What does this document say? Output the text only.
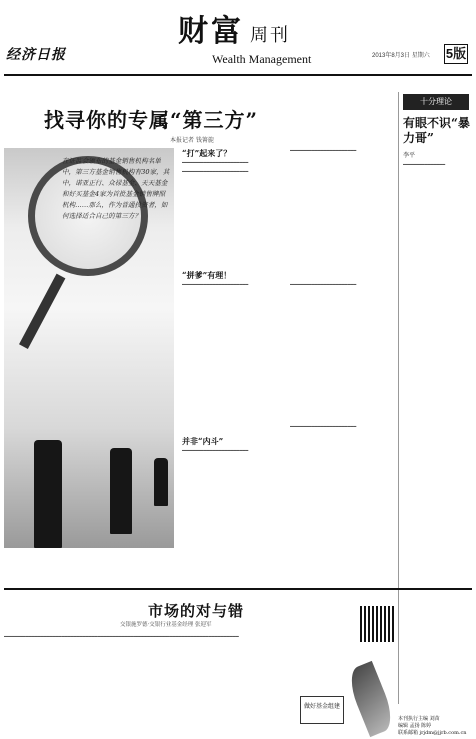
经济日报
财富 周刊
Wealth Management	2013年8月3日 星期六 5版
找寻你的专属“第三方”
本报记者 钱箐旎
在证监会颁布的基金销售机构名单中，第三方基金销售机构有30家，其中，诺亚正行、众禄基金、天天基金和好买基金4家为首批基金销售牌照机构……那么，作为普通投资者，如何选择适合自己的第三方？
“打”起来了？

━━━━━━━━━━━━━━━━━━━━━━

━━━━━━━━━━━━━━━━━━━━━━

━━━━━━━━━━━━━━━━━━━━━━

“拼爹”有理！

━━━━━━━━━━━━━━━━━━━━━━	━━━━━━━━━━━━━━━━━━━━━━

并非“内斗”

━━━━━━━━━━━━━━━━━━━━━━

━━━━━━━━━━━━━━━━━━━━━━

十分理论
有眼不识“暴力哥”
李平

━━━━━━━━━━━━━━

市场的对与错
交银施罗德·交银行业基金经理 张迎军

━━━━━━━━━━━━━━━━━━━━━━━━━━━━━━━━━━━━━━━━━━━━━━━━━━━━━━━━━━━━━━━━━━━━━━━━━━━━━━

做好基金组建
本刊执行主编 刘苗
编辑 孟扬 陈婷
联系邮箱 jrjdm@jjrb.com.cn
